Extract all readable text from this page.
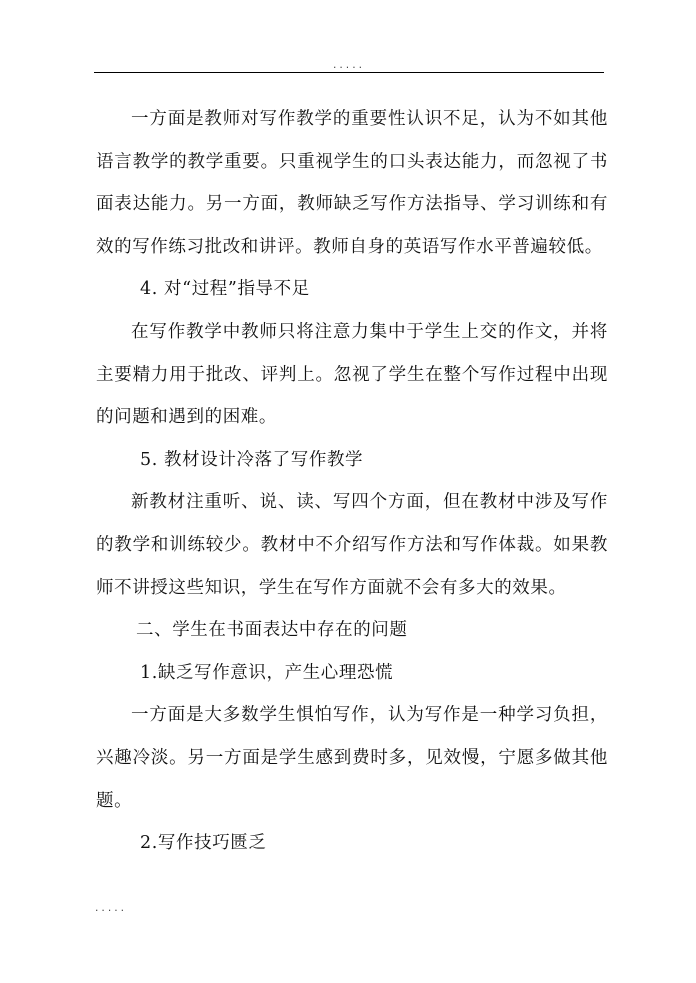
.....

一方面是教师对写作教学的重要性认识不足，认为不如其他语言教学的教学重要。只重视学生的口头表达能力，而忽视了书面表达能力。另一方面，教师缺乏写作方法指导、学习训练和有效的写作练习批改和讲评。教师自身的英语写作水平普遍较低。

4. 对“过程”指导不足

在写作教学中教师只将注意力集中于学生上交的作文，并将主要精力用于批改、评判上。忽视了学生在整个写作过程中出现的问题和遇到的困难。

5. 教材设计冷落了写作教学

新教材注重听、说、读、写四个方面，但在教材中涉及写作的教学和训练较少。教材中不介绍写作方法和写作体裁。如果教师不讲授这些知识，学生在写作方面就不会有多大的效果。

二、学生在书面表达中存在的问题

1.缺乏写作意识，产生心理恐慌

一方面是大多数学生惧怕写作，认为写作是一种学习负担，兴趣冷淡。另一方面是学生感到费时多，见效慢，宁愿多做其他题。

2.写作技巧匮乏

.....
